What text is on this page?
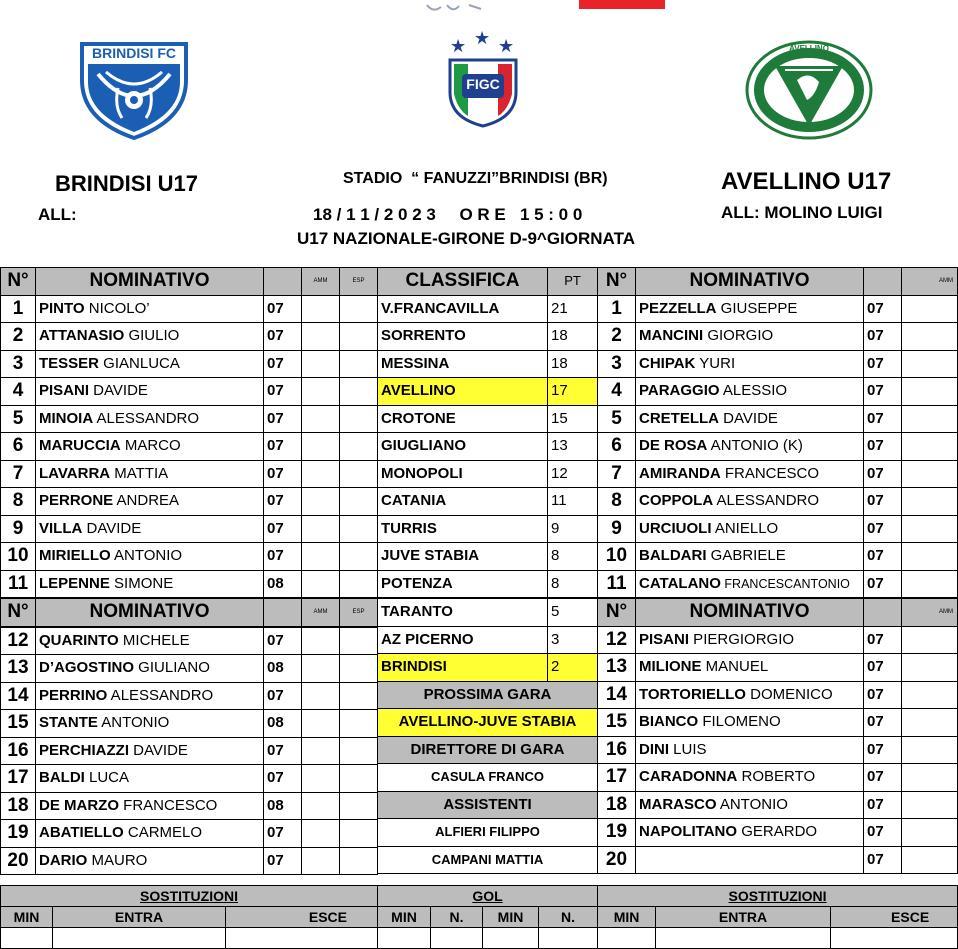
BRINDISI FC	★ ★ ★
FIGC
AVELLINO
BRINDISI U17
ALL:
STADIO  “ FANUZZI”BRINDISI (BR)
18 / 1 1 / 2 0 2 3     O R E   1 5 : 0 0
U17 NAZIONALE-GIRONE D-9^GIORNATA
AVELLINO U17
ALL: MOLINO LUIGI
N°	NOMINATIVO		AMM	ESP
1	PINTO NICOLO’	07		
2	ATTANASIO GIULIO	07		
3	TESSER GIANLUCA	07		
4	PISANI DAVIDE	07		
5	MINOIA ALESSANDRO	07		
6	MARUCCIA MARCO	07		
7	LAVARRA MATTIA	07		
8	PERRONE ANDREA	07		
9	VILLA DAVIDE	07		
10	MIRIELLO ANTONIO	07		
11	LEPENNE SIMONE	08		
N°	NOMINATIVO		AMM	ESP
12	QUARINTO MICHELE	07		
13	D’AGOSTINO GIULIANO	08		
14	PERRINO ALESSANDRO	07		
15	STANTE ANTONIO	08		
16	PERCHIAZZI DAVIDE	07		
17	BALDI LUCA	07		
18	DE MARZO FRANCESCO	08		
19	ABATIELLO CARMELO	07		
20	DARIO MAURO	07		
CLASSIFICA	PT
V.FRANCAVILLA	21
SORRENTO	18
MESSINA	18
AVELLINO	17
CROTONE	15
GIUGLIANO	13
MONOPOLI	12
CATANIA	11
TURRIS	9
JUVE STABIA	8
POTENZA	8
TARANTO	5
AZ PICERNO	3
BRINDISI	2
PROSSIMA GARA	
AVELLINO-JUVE STABIA	
DIRETTORE DI GARA	
CASULA FRANCO	
ASSISTENTI	
ALFIERI FILIPPO	
CAMPANI MATTIA	
N°	NOMINATIVO		AMM
1	PEZZELLA GIUSEPPE	07	
2	MANCINI GIORGIO	07	
3	CHIPAK YURI	07	
4	PARAGGIO ALESSIO	07	
5	CRETELLA DAVIDE	07	
6	DE ROSA ANTONIO (K)	07	
7	AMIRANDA FRANCESCO	07	
8	COPPOLA ALESSANDRO	07	
9	URCIUOLI ANIELLO	07	
10	BALDARI GABRIELE	07	
11	CATALANO FRANCESCANTONIO	07	
N°	NOMINATIVO		AMM
12	PISANI PIERGIORGIO	07	
13	MILIONE MANUEL	07	
14	TORTORIELLO DOMENICO	07	
15	BIANCO FILOMENO	07	
16	DINI LUIS	07	
17	CARADONNA ROBERTO	07	
18	MARASCO ANTONIO	07	
19	NAPOLITANO GERARDO	07	
20		07	
SOSTITUZIONI			GOL				SOSTITUZIONI		
MIN	ENTRA	ESCE	MIN	N.	MIN	N.	MIN	ENTRA	ESCE
